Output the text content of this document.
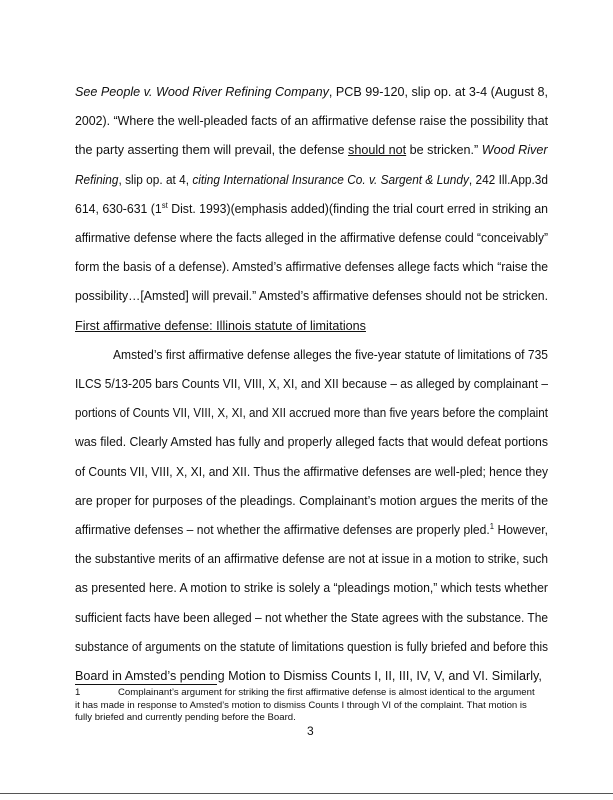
See People v. Wood River Refining Company, PCB 99-120, slip op. at 3-4 (August 8,
2002). “Where the well-pleaded facts of an affirmative defense raise the possibility that
the party asserting them will prevail, the defense should not be stricken.” Wood River
Refining, slip op. at 4, citing International Insurance Co. v. Sargent & Lundy, 242 Ill.App.3d
614, 630-631 (1st Dist. 1993)(emphasis added)(finding the trial court erred in striking an
affirmative defense where the facts alleged in the affirmative defense could “conceivably”
form the basis of a defense). Amsted’s affirmative defenses allege facts which “raise the
possibility…[Amsted] will prevail.” Amsted’s affirmative defenses should not be stricken.
First affirmative defense: Illinois statute of limitations
Amsted’s first affirmative defense alleges the five-year statute of limitations of 735
ILCS 5/13-205 bars Counts VII, VIII, X, XI, and XII because – as alleged by complainant –
portions of Counts VII, VIII, X, XI, and XII accrued more than five years before the complaint
was filed. Clearly Amsted has fully and properly alleged facts that would defeat portions
of Counts VII, VIII, X, XI, and XII. Thus the affirmative defenses are well-pled; hence they
are proper for purposes of the pleadings. Complainant’s motion argues the merits of the
affirmative defenses – not whether the affirmative defenses are properly pled.$^1$ However,
the substantive merits of an affirmative defense are not at issue in a motion to strike, such
as presented here. A motion to strike is solely a “pleadings motion,” which tests whether
sufficient facts have been alleged – not whether the State agrees with the substance. The
substance of arguments on the statute of limitations question is fully briefed and before this
Board in Amsted’s pending Motion to Dismiss Counts I, II, III, IV, V, and VI. Similarly,
1	Complainant’s argument for striking the first affirmative defense is almost identical to the argument
it has made in response to Amsted’s motion to dismiss Counts I through VI of the complaint. That motion is
fully briefed and currently pending before the Board.
3
